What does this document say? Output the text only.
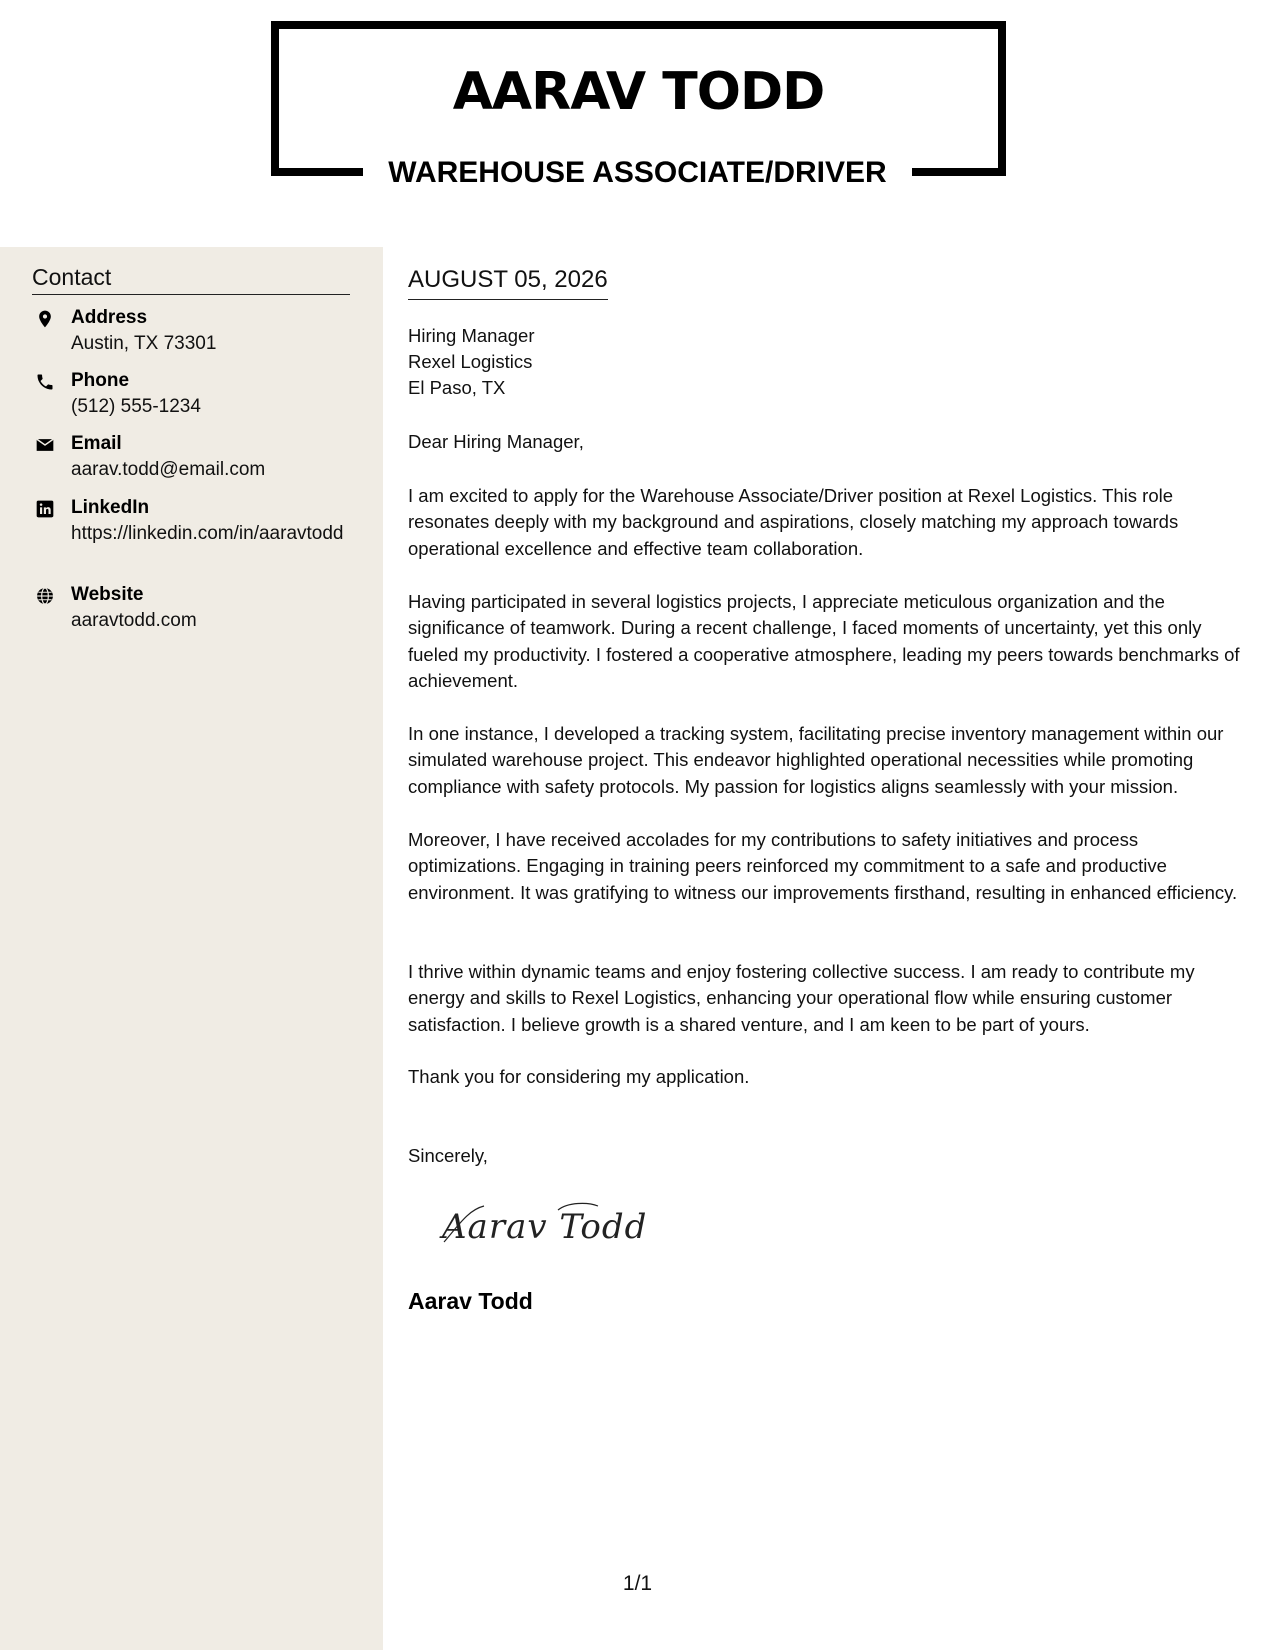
AARAV TODD
WAREHOUSE ASSOCIATE/DRIVER
Contact
Address
Austin, TX 73301
Phone
(512) 555-1234
Email
aarav.todd@email.com
LinkedIn
https://linkedin.com/in/aaravtodd
Website
aaravtodd.com
AUGUST 05, 2026
Hiring Manager
Rexel Logistics
El Paso, TX
Dear Hiring Manager,
I am excited to apply for the Warehouse Associate/Driver position at Rexel Logistics. This role resonates deeply with my background and aspirations, closely matching my approach towards operational excellence and effective team collaboration.
Having participated in several logistics projects, I appreciate meticulous organization and the significance of teamwork. During a recent challenge, I faced moments of uncertainty, yet this only fueled my productivity. I fostered a cooperative atmosphere, leading my peers towards benchmarks of achievement.
In one instance, I developed a tracking system, facilitating precise inventory management within our simulated warehouse project. This endeavor highlighted operational necessities while promoting compliance with safety protocols. My passion for logistics aligns seamlessly with your mission.
Moreover, I have received accolades for my contributions to safety initiatives and process optimizations. Engaging in training peers reinforced my commitment to a safe and productive environment. It was gratifying to witness our improvements firsthand, resulting in enhanced efficiency.
I thrive within dynamic teams and enjoy fostering collective success. I am ready to contribute my energy and skills to Rexel Logistics, enhancing your operational flow while ensuring customer satisfaction. I believe growth is a shared venture, and I am keen to be part of yours.
Thank you for considering my application.
Sincerely,
Aarav Todd
Aarav Todd
1/1
